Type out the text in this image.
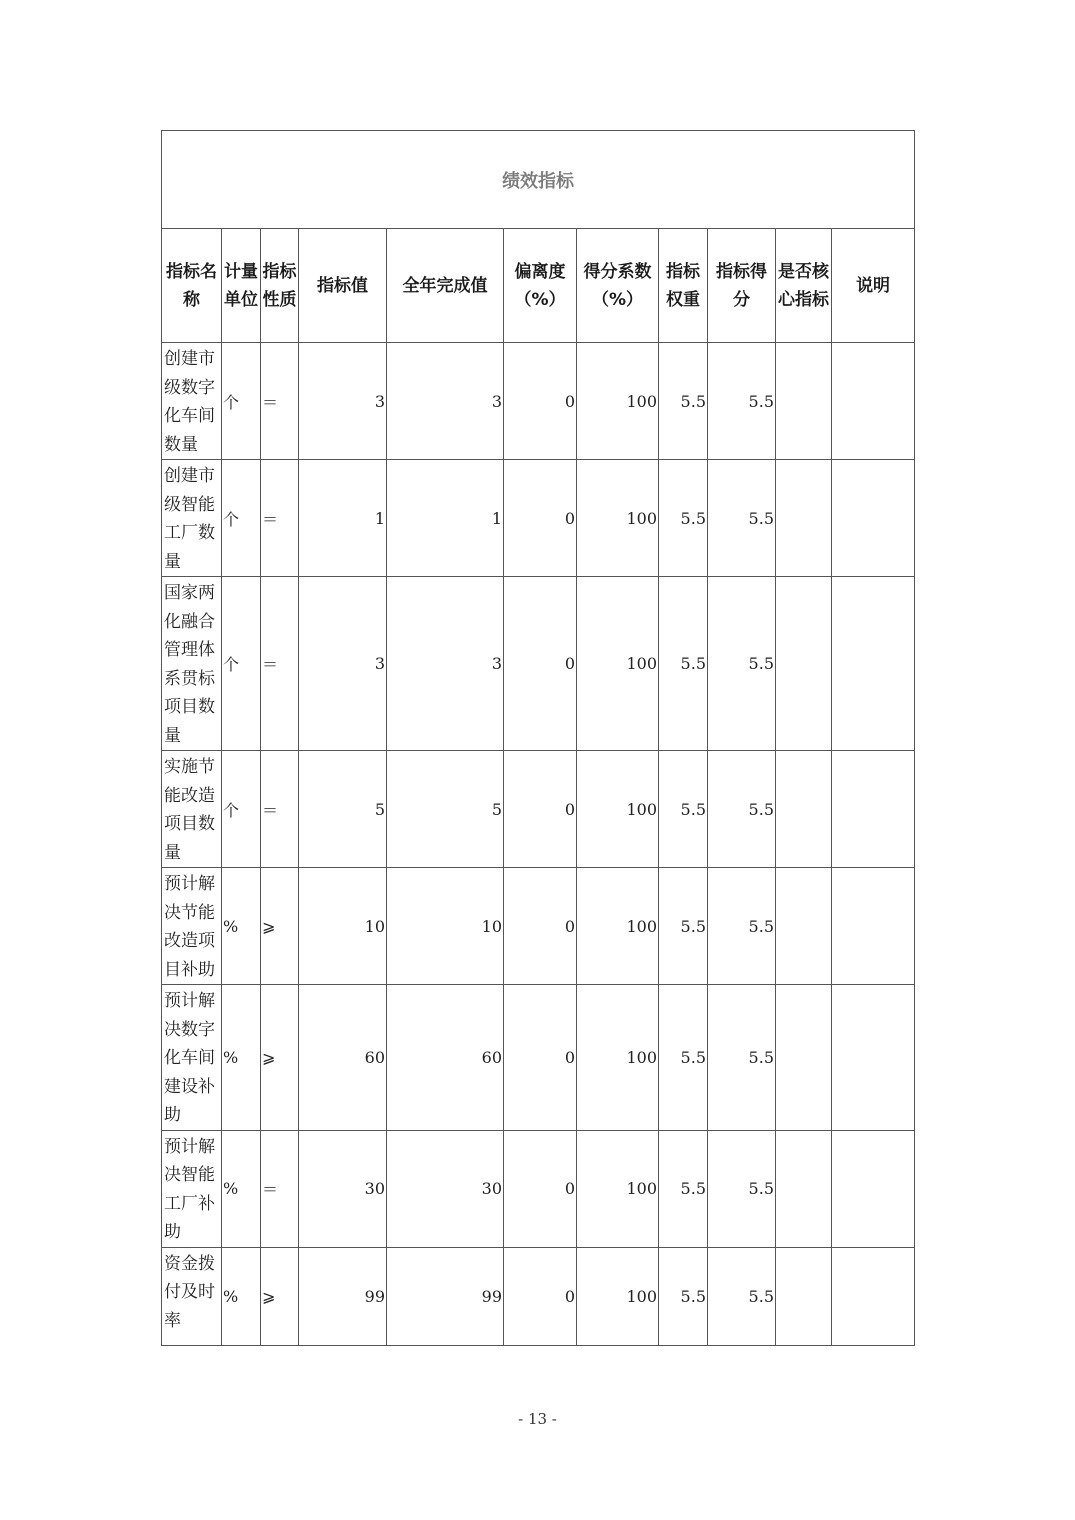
绩效指标										
指标名称	计量单位	指标性质	指标值	全年完成值	偏离度（%）	得分系数（%）	指标权重	指标得分	是否核心指标	说明
创建市级数字化车间数量	个	＝	3	3	0	100	5.5	5.5		
创建市级智能工厂数量	个	＝	1	1	0	100	5.5	5.5		
国家两化融合管理体系贯标项目数量	个	＝	3	3	0	100	5.5	5.5		
实施节能改造项目数量	个	＝	5	5	0	100	5.5	5.5		
预计解决节能改造项目补助	%	⩾	10	10	0	100	5.5	5.5		
预计解决数字化车间建设补助	%	⩾	60	60	0	100	5.5	5.5		
预计解决智能工厂补助	%	＝	30	30	0	100	5.5	5.5		
资金拨付及时率	%	⩾	99	99	0	100	5.5	5.5		
- 13 -
